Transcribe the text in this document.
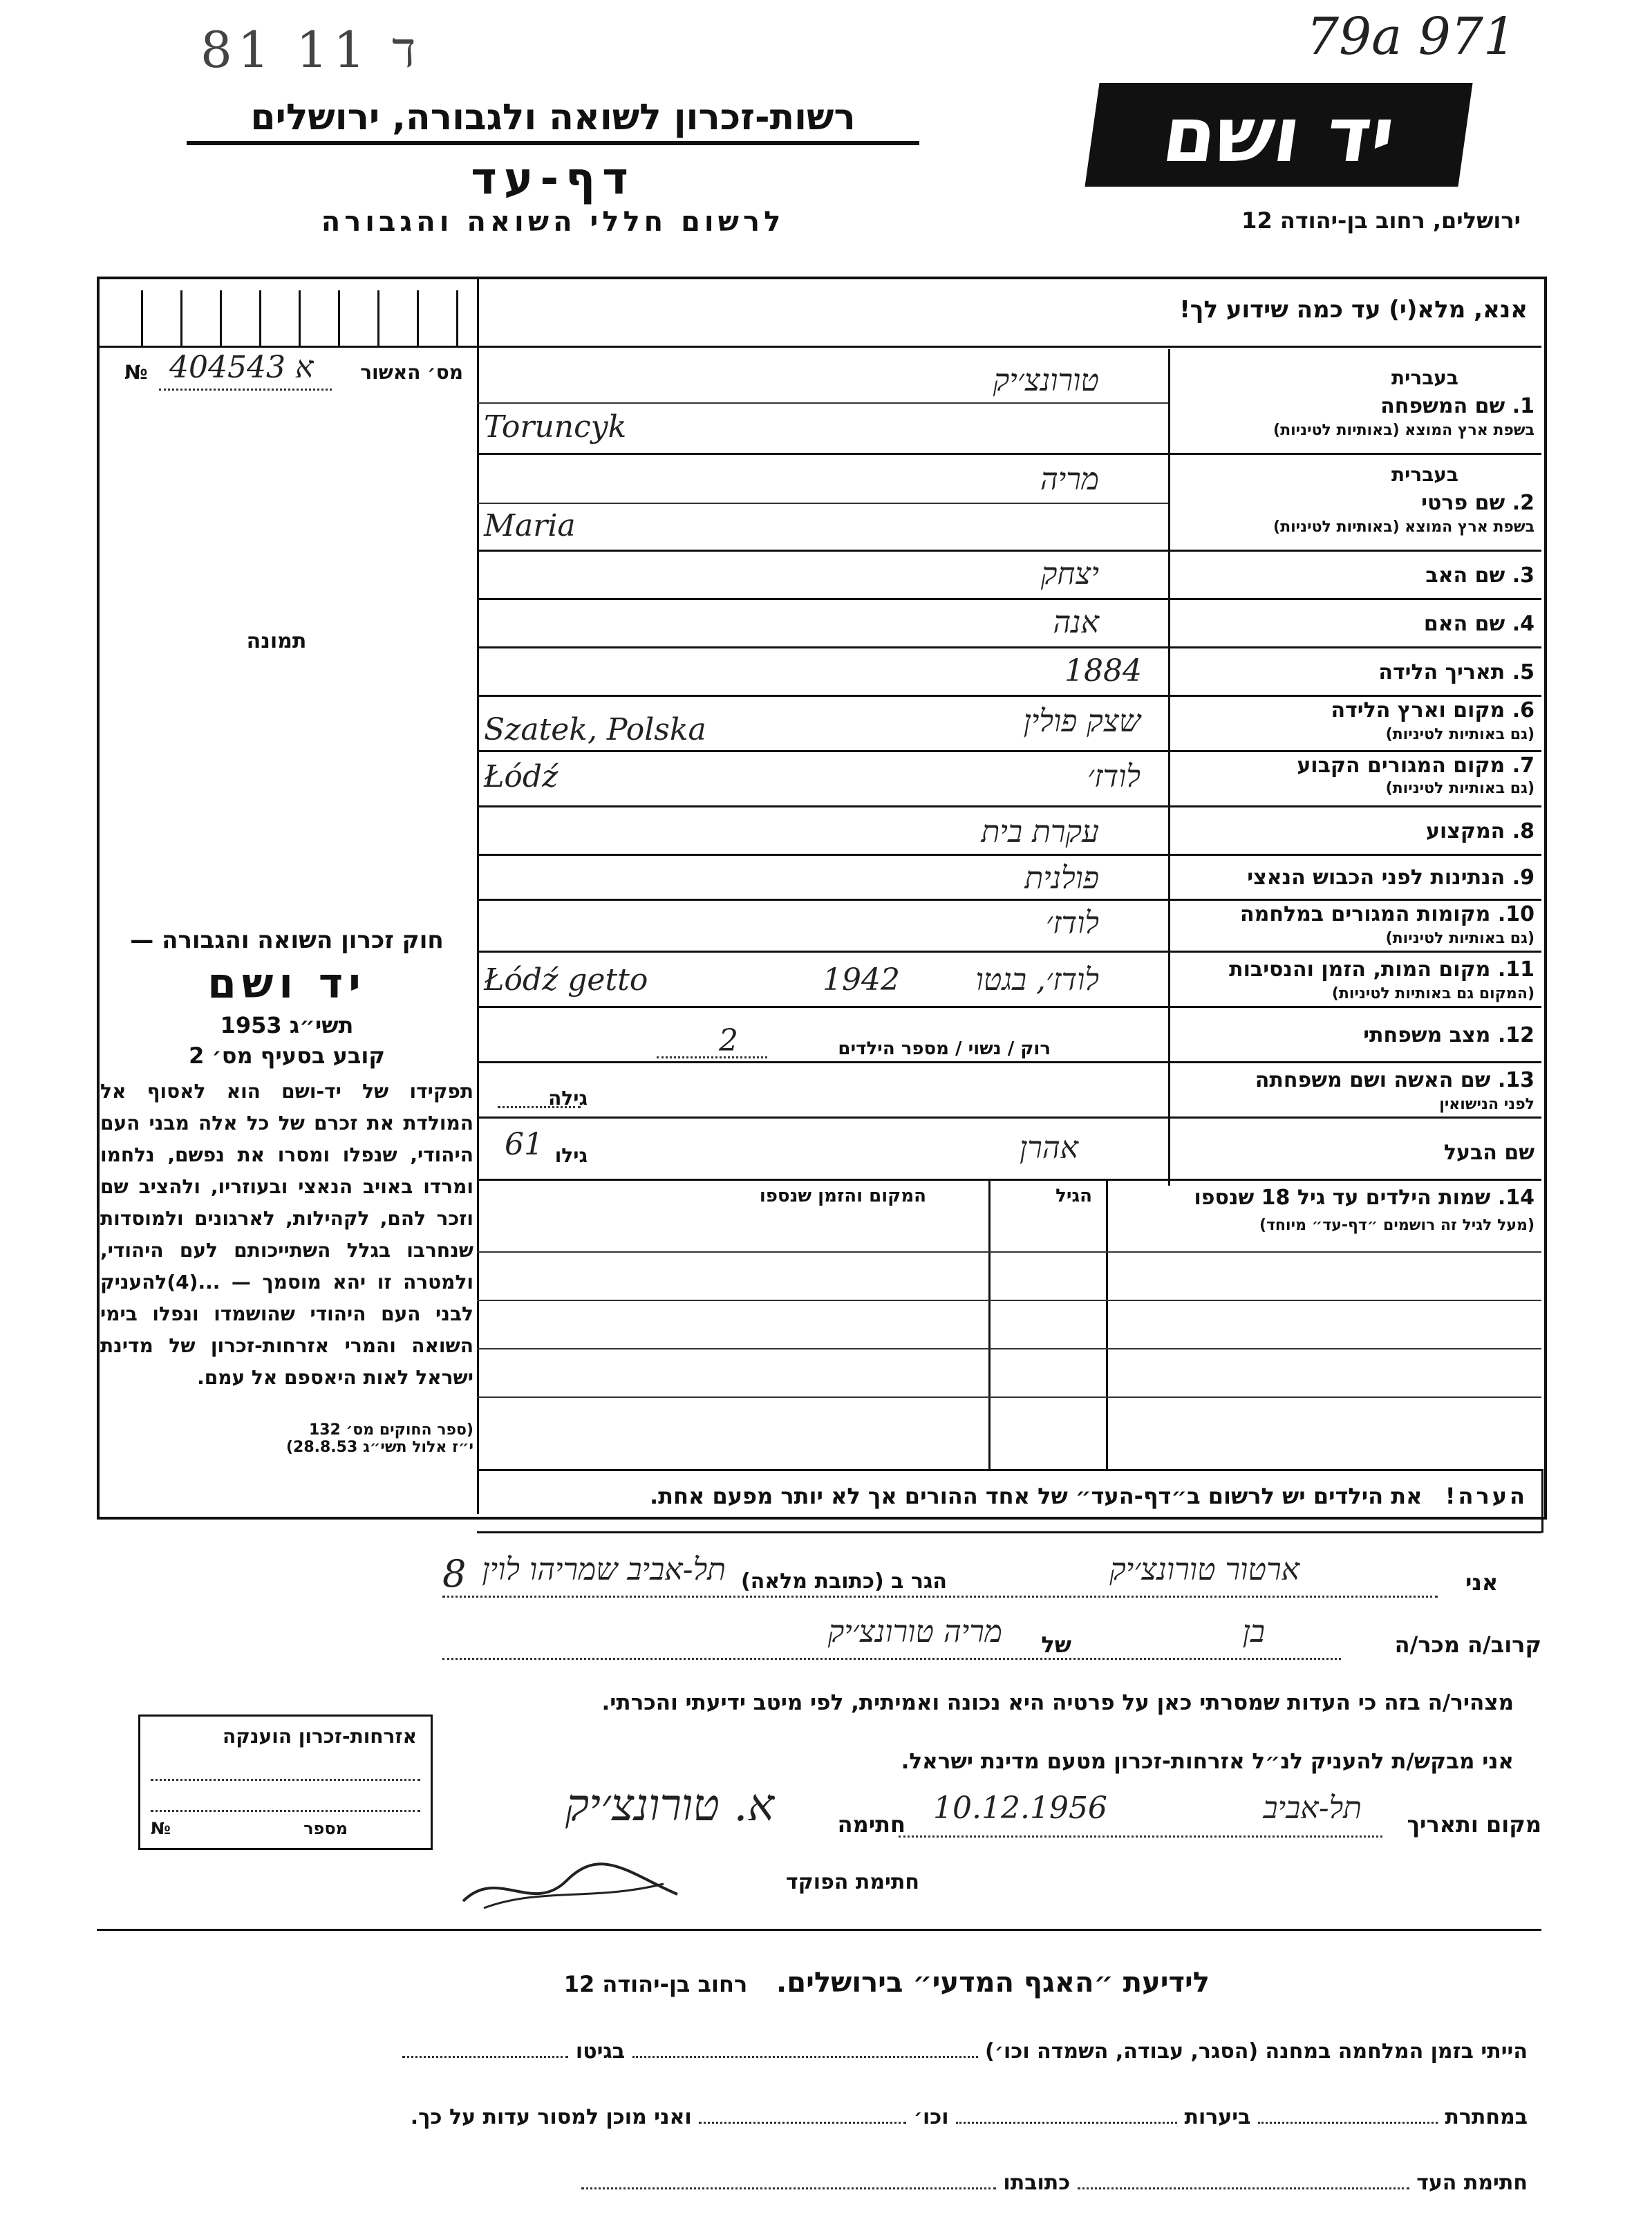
81 11 ד	79a 971
רשות-זכרון לשואה ולגבורה, ירושלים
דף-עד
לרשום חללי השואה והגבורה
יד ושם
ירושלים, רחוב בן-יהודה 12
אנא, מלא(י) עד כמה שידוע לך!
מס׳ האשור
№ 404543 א
תמונה
בעברית
1. שם המשפחה
בשפת ארץ המוצא (באותיות לטיניות)
טורונצ׳יק
Toruncyk
בעברית
2. שם פרטי
בשפת ארץ המוצא (באותיות לטיניות)
מריה
Maria
3. שם האב
יצחק
4. שם האם
אנה
5. תאריך הלידה
1884
6. מקום וארץ הלידה
(גם באותיות לטיניות)
שצק פולין
Szatek, Polska
7. מקום המגורים הקבוע
(גם באותיות לטיניות)
לודז׳
Łódź
8. המקצוע
עקרת בית
9. הנתינות לפני הכבוש הנאצי
פולנית
10. מקומות המגורים במלחמה
(גם באותיות לטיניות)
לודז׳
11. מקום המות, הזמן והנסיבות
(המקום גם באותיות לטיניות)
לודז׳, בגטו
1942
Łódź getto
12. מצב משפחתי
רוק / נשוי / מספר הילדים
2
13. שם האשה ושם משפחתה
לפני הנישואין
גילה
שם הבעל
אהרן
גילו
61
14. שמות הילדים עד גיל 18 שנספו
(מעל לגיל זה רושמים ״דף-עד״ מיוחד)
הגיל
המקום והזמן שנספו
הערה!   את הילדים יש לרשום ב״דף-העד״ של אחד ההורים אך לא יותר מפעם אחת.
חוק זכרון השואה והגבורה —
יד ושם
תשי״ג 1953
קובע בסעיף מס׳ 2
תפקידו של יד-ושם הוא לאסוף אל המולדת את זכרם של כל אלה מבני העם היהודי, שנפלו ומסרו את נפשם, נלחמו ומרדו באויב הנאצי ובעוזריו, ולהציב שם וזכר להם, לקהילות, לארגונים ולמוסדות שנחרבו בגלל השתייכותם לעם היהודי, ולמטרה זו יהא מוסמך — ...(4)להעניק לבני העם היהודי שהושמדו ונפלו בימי השואה והמרי אזרחות-זכרון של מדינת ישראל לאות היאספם אל עמם.
(ספר החוקים מס׳ 132
י״ז אלול תשי״ג 28.8.53)
אני
ארטור טורונצ׳יק
הגר ב (כתובת מלאה)
תל-אביב שמריהו לוין
8
קרוב/ה מכר/ה
בן
של
מריה טורונצ׳יק
מצהיר/ה בזה כי העדות שמסרתי כאן על פרטיה היא נכונה ואמיתית, לפי מיטב ידיעתי והכרתי.
אני מבקש/ת להעניק לנ״ל אזרחות-זכרון מטעם מדינת ישראל.
מקום ותאריך
תל-אביב
10.12.1956
חתימה
א. טורונצ׳יק
חתימת הפוקד
אזרחות-זכרון הוענקה
מספר
№
לידיעת ״האגף המדעי״ בירושלים.   רחוב בן-יהודה 12
הייתי בזמן המלחמה במחנה (הסגר, עבודה, השמדה וכו׳)  בגיטו
במחתרת  ביערות  וכו׳  ואני מוכן למסור עדות על כך.
חתימת העד  כתובתו
